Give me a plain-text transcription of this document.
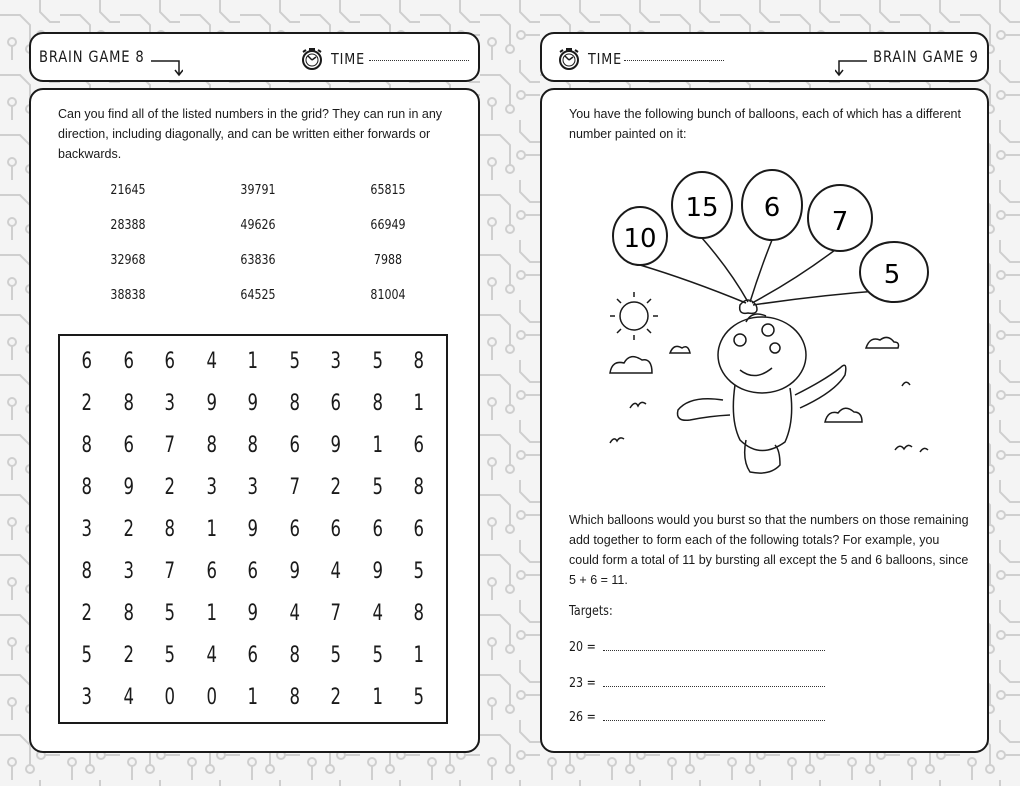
BRAIN GAME 8	TIME
Can you find all of the listed numbers in the grid? They can run in any direction, including diagonally, and can be written either forwards or backwards.
21645	39791	65815
28388	49626	66949
32968	63836	7988
38838	64525	81004
6	6	6	4	1	5	3	5	8
2	8	3	9	9	8	6	8	1
8	6	7	8	8	6	9	1	6
8	9	2	3	3	7	2	5	8
3	2	8	1	9	6	6	6	6
8	3	7	6	6	9	4	9	5
2	8	5	1	9	4	7	4	8
5	2	5	4	6	8	5	5	1
3	4	0	0	1	8	2	1	5
TIME	BRAIN GAME 9
You have the following bunch of balloons, each of which has a different number painted on it:
10
15 6 7
5
Which balloons would you burst so that the numbers on those remaining add together to form each of the following totals? For example, you could form a total of 11 by bursting all except the 5 and 6 balloons, since 5 + 6 = 11.
Targets:
20 =
23 =
26 =
